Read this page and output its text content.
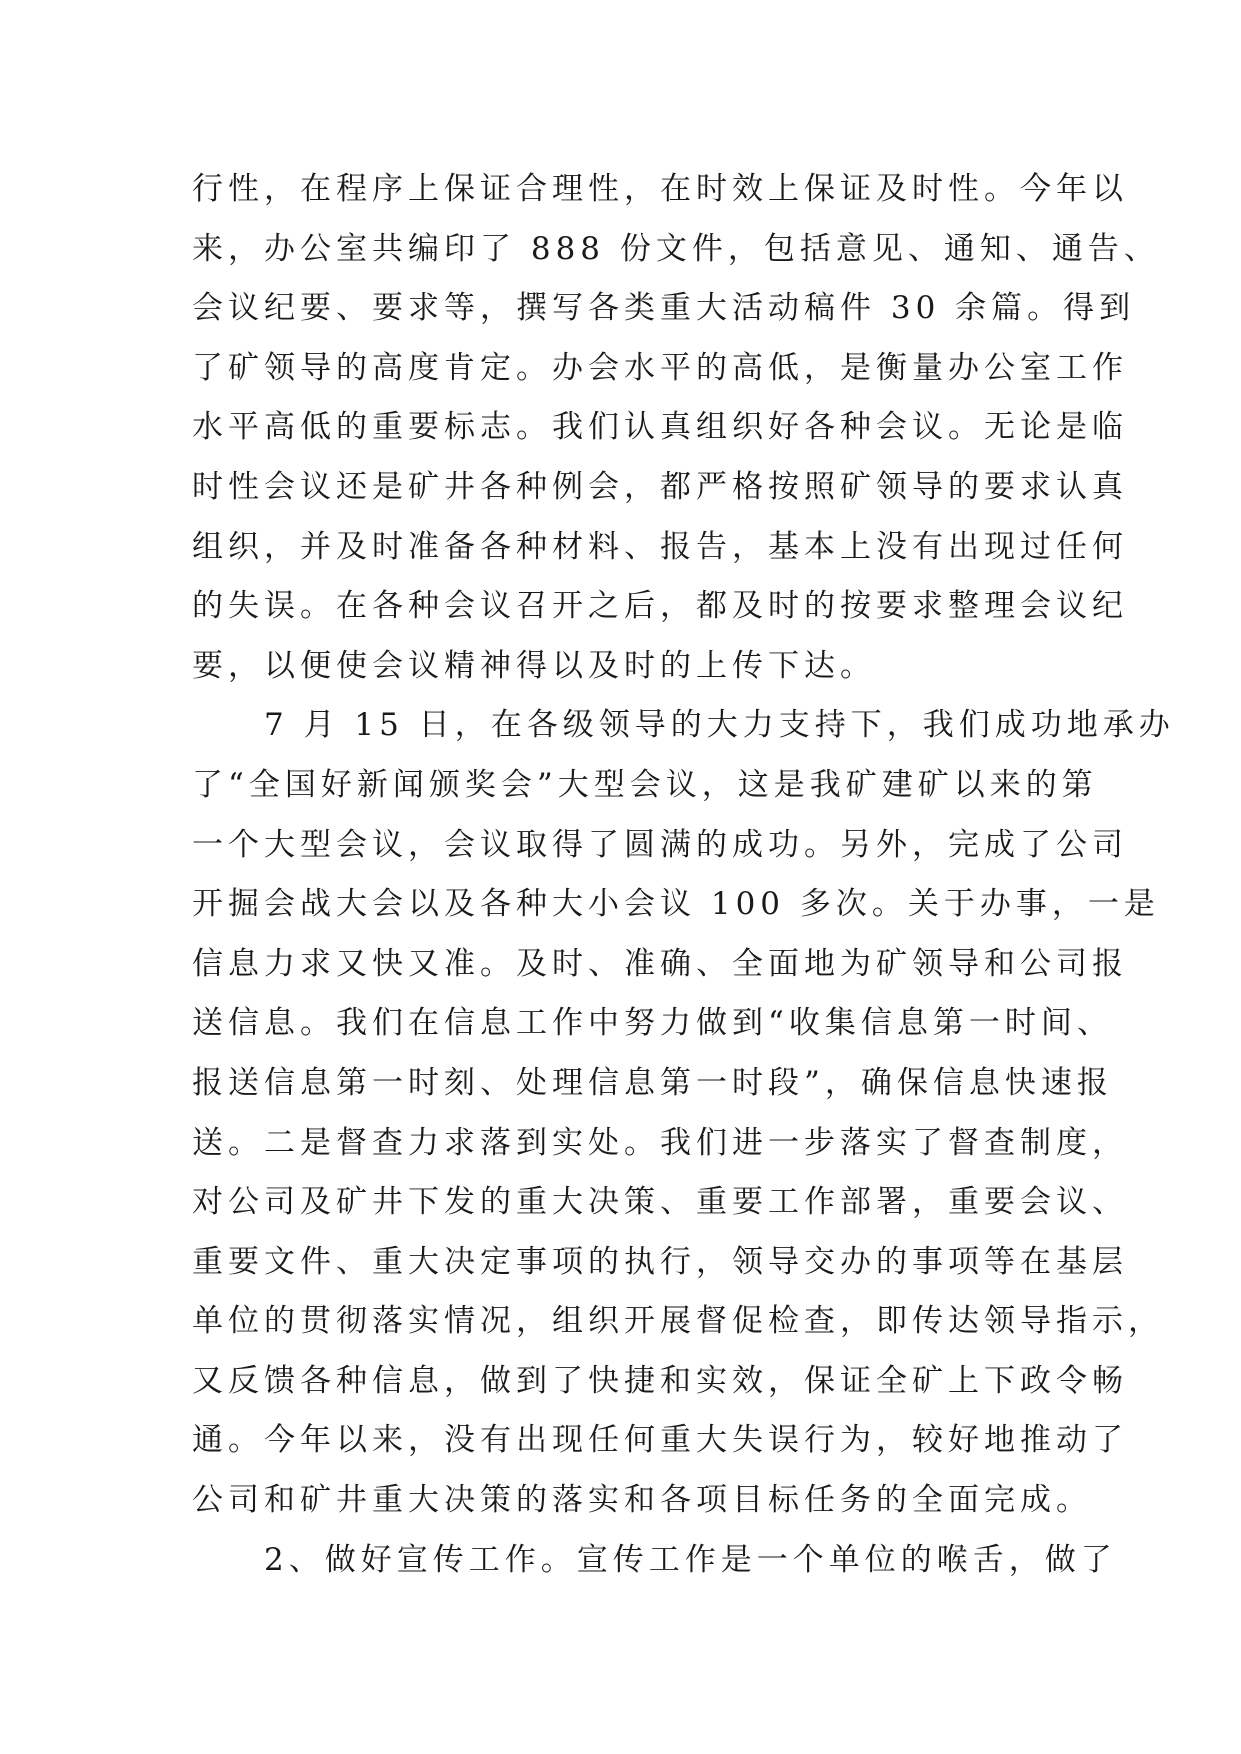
行性，在程序上保证合理性，在时效上保证及时性。今年以
来，办公室共编印了 888 份文件，包括意见、通知、通告、
会议纪要、要求等，撰写各类重大活动稿件 30 余篇。得到
了矿领导的高度肯定。办会水平的高低，是衡量办公室工作
水平高低的重要标志。我们认真组织好各种会议。无论是临
时性会议还是矿井各种例会，都严格按照矿领导的要求认真
组织，并及时准备各种材料、报告，基本上没有出现过任何
的失误。在各种会议召开之后，都及时的按要求整理会议纪
要，以便使会议精神得以及时的上传下达。
　　7 月 15 日，在各级领导的大力支持下，我们成功地承办
了“全国好新闻颁奖会”大型会议，这是我矿建矿以来的第
一个大型会议，会议取得了圆满的成功。另外，完成了公司
开掘会战大会以及各种大小会议 100 多次。关于办事，一是
信息力求又快又准。及时、准确、全面地为矿领导和公司报
送信息。我们在信息工作中努力做到“收集信息第一时间、
报送信息第一时刻、处理信息第一时段”，确保信息快速报
送。二是督查力求落到实处。我们进一步落实了督查制度，
对公司及矿井下发的重大决策、重要工作部署，重要会议、
重要文件、重大决定事项的执行，领导交办的事项等在基层
单位的贯彻落实情况，组织开展督促检查，即传达领导指示，
又反馈各种信息，做到了快捷和实效，保证全矿上下政令畅
通。今年以来，没有出现任何重大失误行为，较好地推动了
公司和矿井重大决策的落实和各项目标任务的全面完成。
　　2、做好宣传工作。宣传工作是一个单位的喉舌，做了
